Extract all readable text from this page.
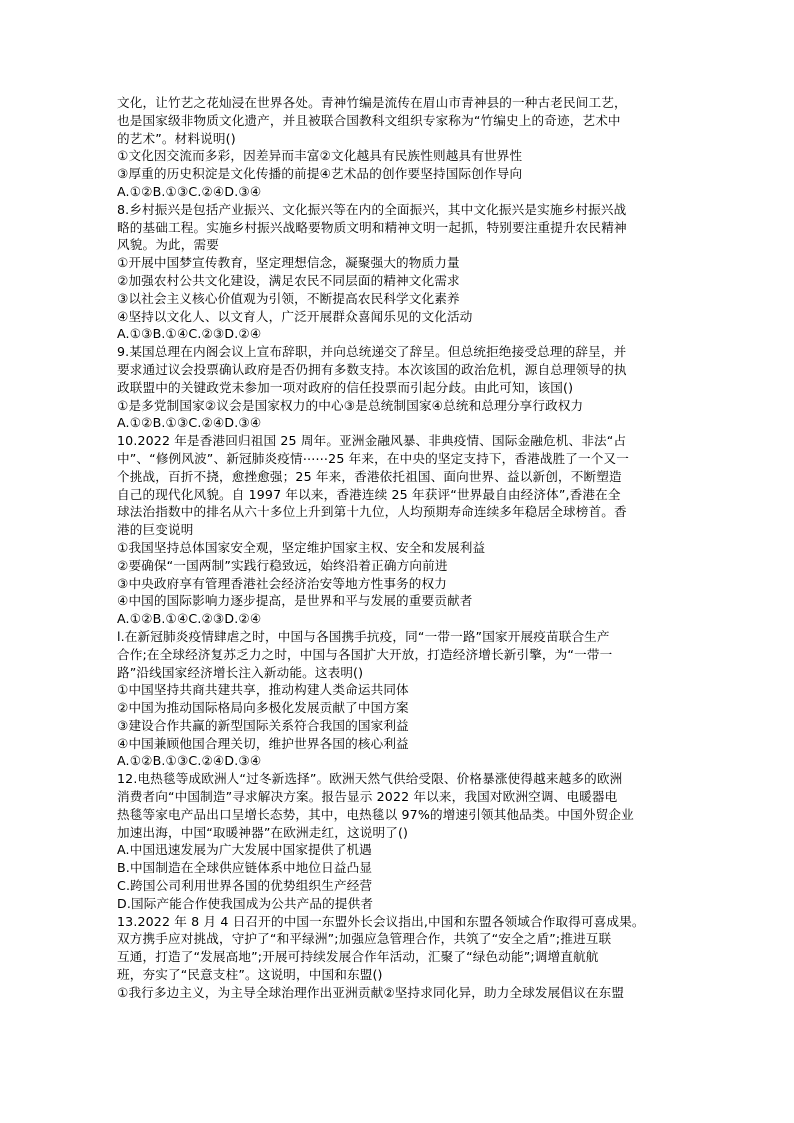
文化，让竹艺之花灿浸在世界各处。青神竹编是流传在眉山市青神县的一种古老民间工艺，
也是国家级非物质文化遗产，并且被联合国教科文组织专家称为“竹编史上的奇迹，艺术中
的艺术”。材料说明()
①文化因交流而多彩，因差异而丰富②文化越具有民族性则越具有世界性
③厚重的历史积淀是文化传播的前提④艺术品的创作要坚持国际创作导向
A.①②B.①③C.②④D.③④
8.乡村振兴是包括产业振兴、文化振兴等在内的全面振兴，其中文化振兴是实施乡村振兴战
略的基础工程。实施乡村振兴战略要物质文明和精神文明一起抓，特别要注重提升农民精神
风貌。为此，需要
①开展中国梦宣传教育，坚定理想信念，凝聚强大的物质力量
②加强农村公共文化建设，满足农民不同层面的精神文化需求
③以社会主义核心价值观为引领，不断提高农民科学文化素养
④坚持以文化人、以文育人，广泛开展群众喜闻乐见的文化活动
A.①③B.①④C.②③D.②④
9.某国总理在内阁会议上宣布辞职，并向总统递交了辞呈。但总统拒绝接受总理的辞呈，并
要求通过议会投票确认政府是否仍拥有多数支持。本次该国的政治危机，源自总理领导的执
政联盟中的关键政党未参加一项对政府的信任投票而引起分歧。由此可知，该国()
①是多党制国家②议会是国家权力的中心③是总统制国家④总统和总理分享行政权力
A.①②B.①③C.②④D.③④
10.2022 年是香港回归祖国 25 周年。亚洲金融风暴、非典疫情、国际金融危机、非法“占
中”、“修例风波”、新冠肺炎疫情⋯⋯25 年来，在中央的坚定支持下，香港战胜了一个又一
个挑战，百折不挠，愈挫愈强；25 年来，香港依托祖国、面向世界、益以新创，不断塑造
自己的现代化风貌。自 1997 年以来，香港连续 25 年获评“世界最自由经济体”,香港在全
球法治指数中的排名从六十多位上升到第十九位，人均预期寿命连续多年稳居全球榜首。香
港的巨变说明
①我国坚持总体国家安全观，坚定维护国家主权、安全和发展利益
②要确保“一国两制”实践行稳致远，始终沿着正确方向前进
③中央政府享有管理香港社会经济治安等地方性事务的权力
④中国的国际影响力逐步提高，是世界和平与发展的重要贡献者
A.①②B.①④C.②③D.②④
l.在新冠肺炎疫情肆虐之时，中国与各国携手抗疫，同“一带一路”国家开展疫苗联合生产
合作;在全球经济复苏乏力之时，中国与各国扩大开放，打造经济增长新引擎，为“一带一
路”沿线国家经济增长注入新动能。这表明()
①中国坚持共商共建共享，推动构建人类命运共同体
②中国为推动国际格局向多极化发展贡献了中国方案
③建设合作共赢的新型国际关系符合我国的国家利益
④中国兼顾他国合理关切，维护世界各国的核心利益
A.①②B.①③C.②④D.③④
12.电热毯等成欧洲人“过冬新选择”。欧洲天然气供给受限、价格暴涨使得越来越多的欧洲
消费者向“中国制造”寻求解决方案。报告显示 2022 年以来，我国对欧洲空调、电暖器电
热毯等家电产品出口呈增长态势，其中，电热毯以 97%的增速引领其他品类。中国外贸企业
加速出海，中国“取暖神器”在欧洲走红，这说明了()
A.中国迅速发展为广大发展中国家提供了机遇
B.中国制造在全球供应链体系中地位日益凸显
C.跨国公司利用世界各国的优势组织生产经营
D.国际产能合作使我国成为公共产品的提供者
13.2022 年 8 月 4 日召开的中国一东盟外长会议指出,中国和东盟各领域合作取得可喜成果。
双方携手应对挑战，守护了“和平绿洲”;加强应急管理合作，共筑了“安全之盾”;推进互联
互通，打造了“发展高地”;开展可持续发展合作年活动，汇聚了“绿色动能”;调增直航航
班，夯实了“民意支柱”。这说明，中国和东盟()
①我行多边主义，为主导全球治理作出亚洲贡献②坚持求同化异，助力全球发展倡议在东盟
